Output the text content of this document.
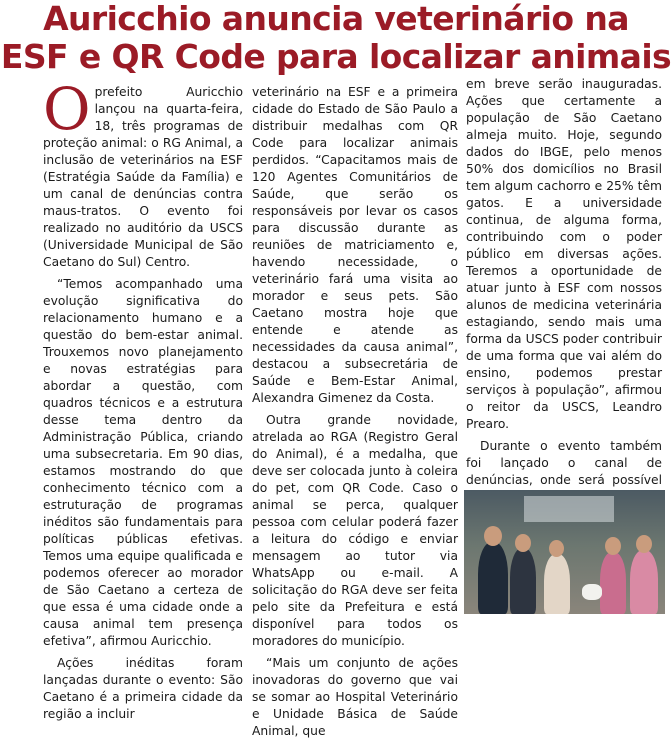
Auricchio anuncia veterinário na
ESF e QR Code para localizar animais

Oprefeito Auricchio lançou na quarta-feira, 18, três programas de proteção animal: o RG Animal, a inclusão de veterinários na ESF (Estratégia Saúde da Família) e um canal de denúncias contra maus-tratos. O evento foi realizado no auditório da USCS (Universidade Municipal de São Caetano do Sul) Centro.

“Temos acompanhado uma evolução significativa do relacionamento humano e a questão do bem-estar animal. Trouxemos novo planejamento e novas estratégias para abordar a questão, com quadros técnicos e a estrutura desse tema dentro da Administração Pública, criando uma subsecretaria. Em 90 dias, estamos mostrando do que conhecimento técnico com a estruturação de programas inéditos são fundamentais para políticas públicas efetivas. Temos uma equipe qualificada e podemos oferecer ao morador de São Caetano a certeza de que essa é uma cidade onde a causa animal tem presença efetiva”, afirmou Auricchio.

Ações inéditas foram lançadas durante o evento: São Caetano é a primeira cidade da região a incluir

veterinário na ESF e a primeira cidade do Estado de São Paulo a distribuir medalhas com QR Code para localizar animais perdidos. “Capacitamos mais de 120 Agentes Comunitários de Saúde, que serão os responsáveis por levar os casos para discussão durante as reuniões de matriciamento e, havendo necessidade, o veterinário fará uma visita ao morador e seus pets. São Caetano mostra hoje que entende e atende as necessidades da causa animal”, destacou a subsecretária de Saúde e Bem-Estar Animal, Alexandra Gimenez da Costa.

Outra grande novidade, atrelada ao RGA (Registro Geral do Animal), é a medalha, que deve ser colocada junto à coleira do pet, com QR Code. Caso o animal se perca, qualquer pessoa com celular poderá fazer a leitura do código e enviar mensagem ao tutor via WhatsApp ou e-mail. A solicitação do RGA deve ser feita pelo site da Prefeitura e está disponível para todos os moradores do município.

“Mais um conjunto de ações inovadoras do governo que vai se somar ao Hospital Veterinário e Unidade Básica de Saúde Animal, que

em breve serão inauguradas. Ações que certamente a população de São Caetano almeja muito. Hoje, segundo dados do IBGE, pelo menos 50% dos domicílios no Brasil tem algum cachorro e 25% têm gatos. E a universidade continua, de alguma forma, contribuindo com o poder público em diversas ações. Teremos a oportunidade de atuar junto à ESF com nossos alunos de medicina veterinária estagiando, sendo mais uma forma da USCS poder contribuir de uma forma que vai além do ensino, podemos prestar serviços à população”, afirmou o reitor da USCS, Leandro Prearo.

Durante o evento também foi lançado o canal de denúncias, onde será possível
